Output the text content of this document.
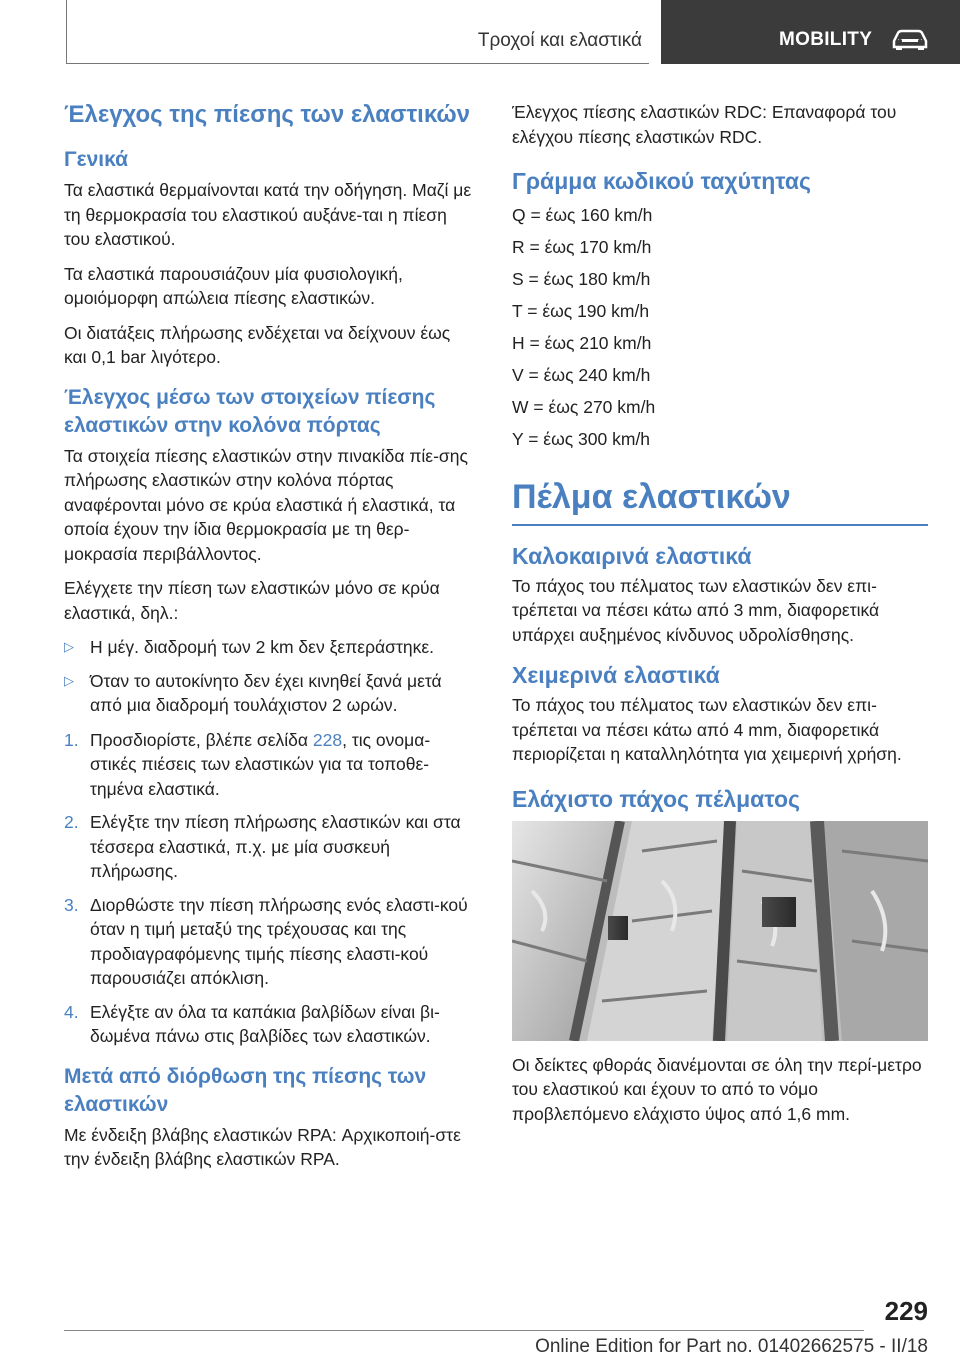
Τροχοί και ελαστικά	MOBILITY
Έλεγχος της πίεσης των ελαστικών
Γενικά

Τα ελαστικά θερμαίνονται κατά την οδήγηση. Μαζί με τη θερμοκρασία του ελαστικού αυξάνε-ται η πίεση του ελαστικού.

Τα ελαστικά παρουσιάζουν μία φυσιολογική, ομοιόμορφη απώλεια πίεσης ελαστικών.

Οι διατάξεις πλήρωσης ενδέχεται να δείχνουν έως και 0,1 bar λιγότερο.

Έλεγχος μέσω των στοιχείων πίεσης ελαστικών στην κολόνα πόρτας

Τα στοιχεία πίεσης ελαστικών στην πινακίδα πίε-σης πλήρωσης ελαστικών στην κολόνα πόρτας αναφέρονται μόνο σε κρύα ελαστικά ή ελαστικά, τα οποία έχουν την ίδια θερμοκρασία με τη θερ-μοκρασία περιβάλλοντος.

Ελέγχετε την πίεση των ελαστικών μόνο σε κρύα ελαστικά, δηλ.:

▷ Η μέγ. διαδρομή των 2 km δεν ξεπεράστηκε.
▷ Όταν το αυτοκίνητο δεν έχει κινηθεί ξανά μετά από μια διαδρομή τουλάχιστον 2 ωρών.
1. Προσδιορίστε, βλέπε σελίδα 228, τις ονομα-στικές πιέσεις των ελαστικών για τα τοποθε-τημένα ελαστικά.
2. Ελέγξτε την πίεση πλήρωσης ελαστικών και στα τέσσερα ελαστικά, π.χ. με μία συσκευή πλήρωσης.
3. Διορθώστε την πίεση πλήρωσης ενός ελαστι-κού όταν η τιμή μεταξύ της τρέχουσας και της προδιαγραφόμενης τιμής πίεσης ελαστι-κού παρουσιάζει απόκλιση.
4. Ελέγξτε αν όλα τα καπάκια βαλβίδων είναι βι-δωμένα πάνω στις βαλβίδες των ελαστικών.
Μετά από διόρθωση της πίεσης των ελαστικών

Με ένδειξη βλάβης ελαστικών RPA: Αρχικοποιή-στε την ένδειξη βλάβης ελαστικών RPA.

Έλεγχος πίεσης ελαστικών RDC: Επαναφορά του ελέγχου πίεσης ελαστικών RDC.

Γράμμα κωδικού ταχύτητας

Q = έως 160 km/h

R = έως 170 km/h

S = έως 180 km/h

T = έως 190 km/h

H = έως 210 km/h

V = έως 240 km/h

W = έως 270 km/h

Y = έως 300 km/h

Πέλμα ελαστικών
Καλοκαιρινά ελαστικά

Το πάχος του πέλματος των ελαστικών δεν επι-τρέπεται να πέσει κάτω από 3 mm, διαφορετικά υπάρχει αυξημένος κίνδυνος υδρολίσθησης.

Χειμερινά ελαστικά

Το πάχος του πέλματος των ελαστικών δεν επι-τρέπεται να πέσει κάτω από 4 mm, διαφορετικά περιορίζεται η καταλληλότητα για χειμερινή χρήση.

Ελάχιστο πάχος πέλματος

Οι δείκτες φθοράς διανέμονται σε όλη την περί-μετρο του ελαστικού και έχουν το από το νόμο προβλεπόμενο ελάχιστο ύψος από 1,6 mm.

229
Online Edition for Part no. 01402662575 - II/18
